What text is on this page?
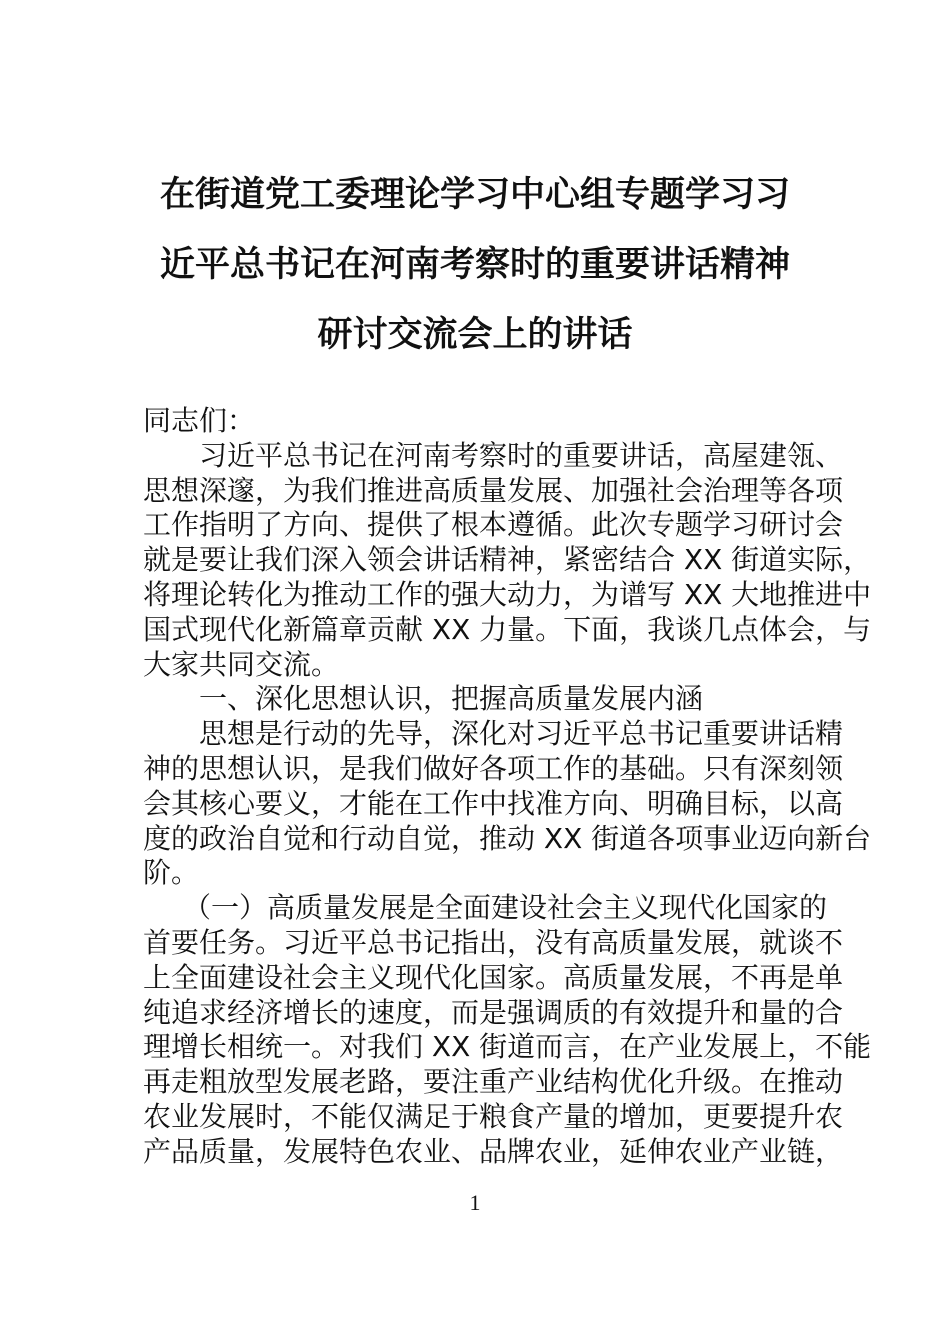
在街道党工委理论学习中心组专题学习习
近平总书记在河南考察时的重要讲话精神
研讨交流会上的讲话
同志们：
习近平总书记在河南考察时的重要讲话，高屋建瓴、
思想深邃，为我们推进高质量发展、加强社会治理等各项
工作指明了方向、提供了根本遵循。此次专题学习研讨会
就是要让我们深入领会讲话精神，紧密结合 XX 街道实际，
将理论转化为推动工作的强大动力，为谱写 XX 大地推进中
国式现代化新篇章贡献 XX 力量。下面，我谈几点体会，与
大家共同交流。
一、深化思想认识，把握高质量发展内涵
思想是行动的先导，深化对习近平总书记重要讲话精
神的思想认识，是我们做好各项工作的基础。只有深刻领
会其核心要义，才能在工作中找准方向、明确目标，以高
度的政治自觉和行动自觉，推动 XX 街道各项事业迈向新台
阶。
（一）高质量发展是全面建设社会主义现代化国家的
首要任务。习近平总书记指出，没有高质量发展，就谈不
上全面建设社会主义现代化国家。高质量发展，不再是单
纯追求经济增长的速度，而是强调质的有效提升和量的合
理增长相统一。对我们 XX 街道而言，在产业发展上，不能
再走粗放型发展老路，要注重产业结构优化升级。在推动
农业发展时，不能仅满足于粮食产量的增加，更要提升农
产品质量，发展特色农业、品牌农业，延伸农业产业链，
1
